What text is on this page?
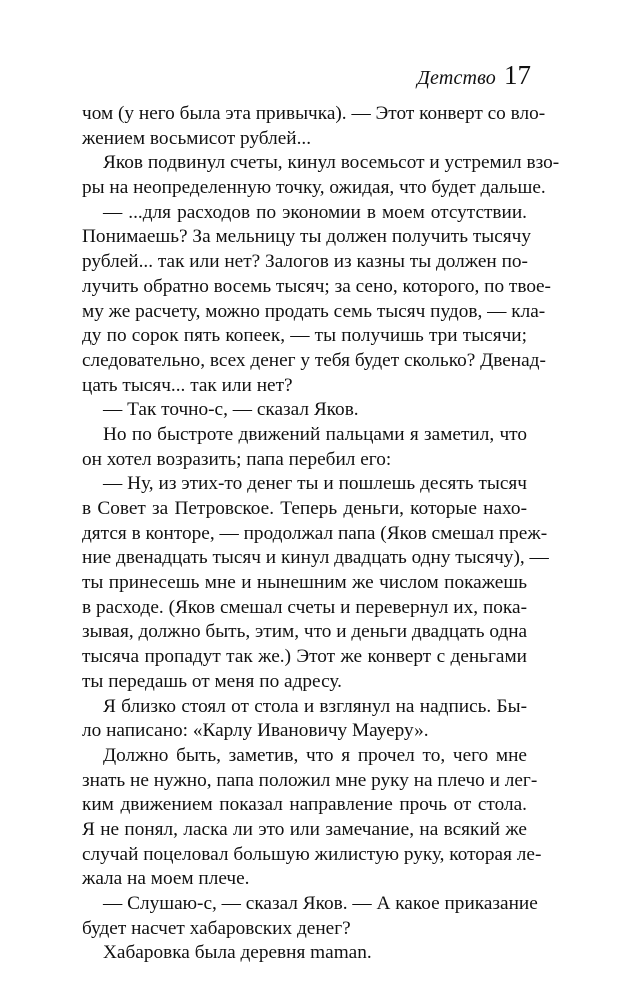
Детство 17
чом (у него была эта привычка). — Этот конверт со вло-
жением восьмисот рублей...
Яков подвинул счеты, кинул восемьсот и устремил взо-
ры на неопределенную точку, ожидая, что будет дальше.
— ...для расходов по экономии в моем отсутствии.
Понимаешь? За мельницу ты должен получить тысячу
рублей... так или нет? Залогов из казны ты должен по-
лучить обратно восемь тысяч; за сено, которого, по твоe-
му же расчету, можно продать семь тысяч пудов, — кла-
ду по сорок пять копеек, — ты получишь три тысячи;
следовательно, всех денег у тебя будет сколько? Двенад-
цать тысяч... так или нет?
— Так точно-с, — сказал Яков.
Но по быстроте движений пальцами я заметил, что
он хотел возразить; папа перебил его:
— Ну, из этих-то денег ты и пошлешь десять тысяч
в Совет за Петровское. Теперь деньги, которые нахо-
дятся в конторе, — продолжал папа (Яков смешал преж-
ние двенадцать тысяч и кинул двадцать одну тысячу), —
ты принесешь мне и нынешним же числом покажешь
в расходе. (Яков смешал счеты и перевернул их, пока-
зывая, должно быть, этим, что и деньги двадцать одна
тысяча пропадут так же.) Этот же конверт с деньгами
ты передашь от меня по адресу.
Я близко стоял от стола и взглянул на надпись. Бы-
ло написано: «Карлу Ивановичу Мауеру».
Должно быть, заметив, что я прочел то, чего мне
знать не нужно, папа положил мне руку на плечо и лег-
ким движением показал направление прочь от стола.
Я не понял, ласка ли это или замечание, на всякий же
случай поцеловал большую жилистую руку, которая ле-
жала на моем плече.
— Слушаю-с, — сказал Яков. — А какое приказание
будет насчет хабаровских денег?
Хабаровка была деревня maman.
